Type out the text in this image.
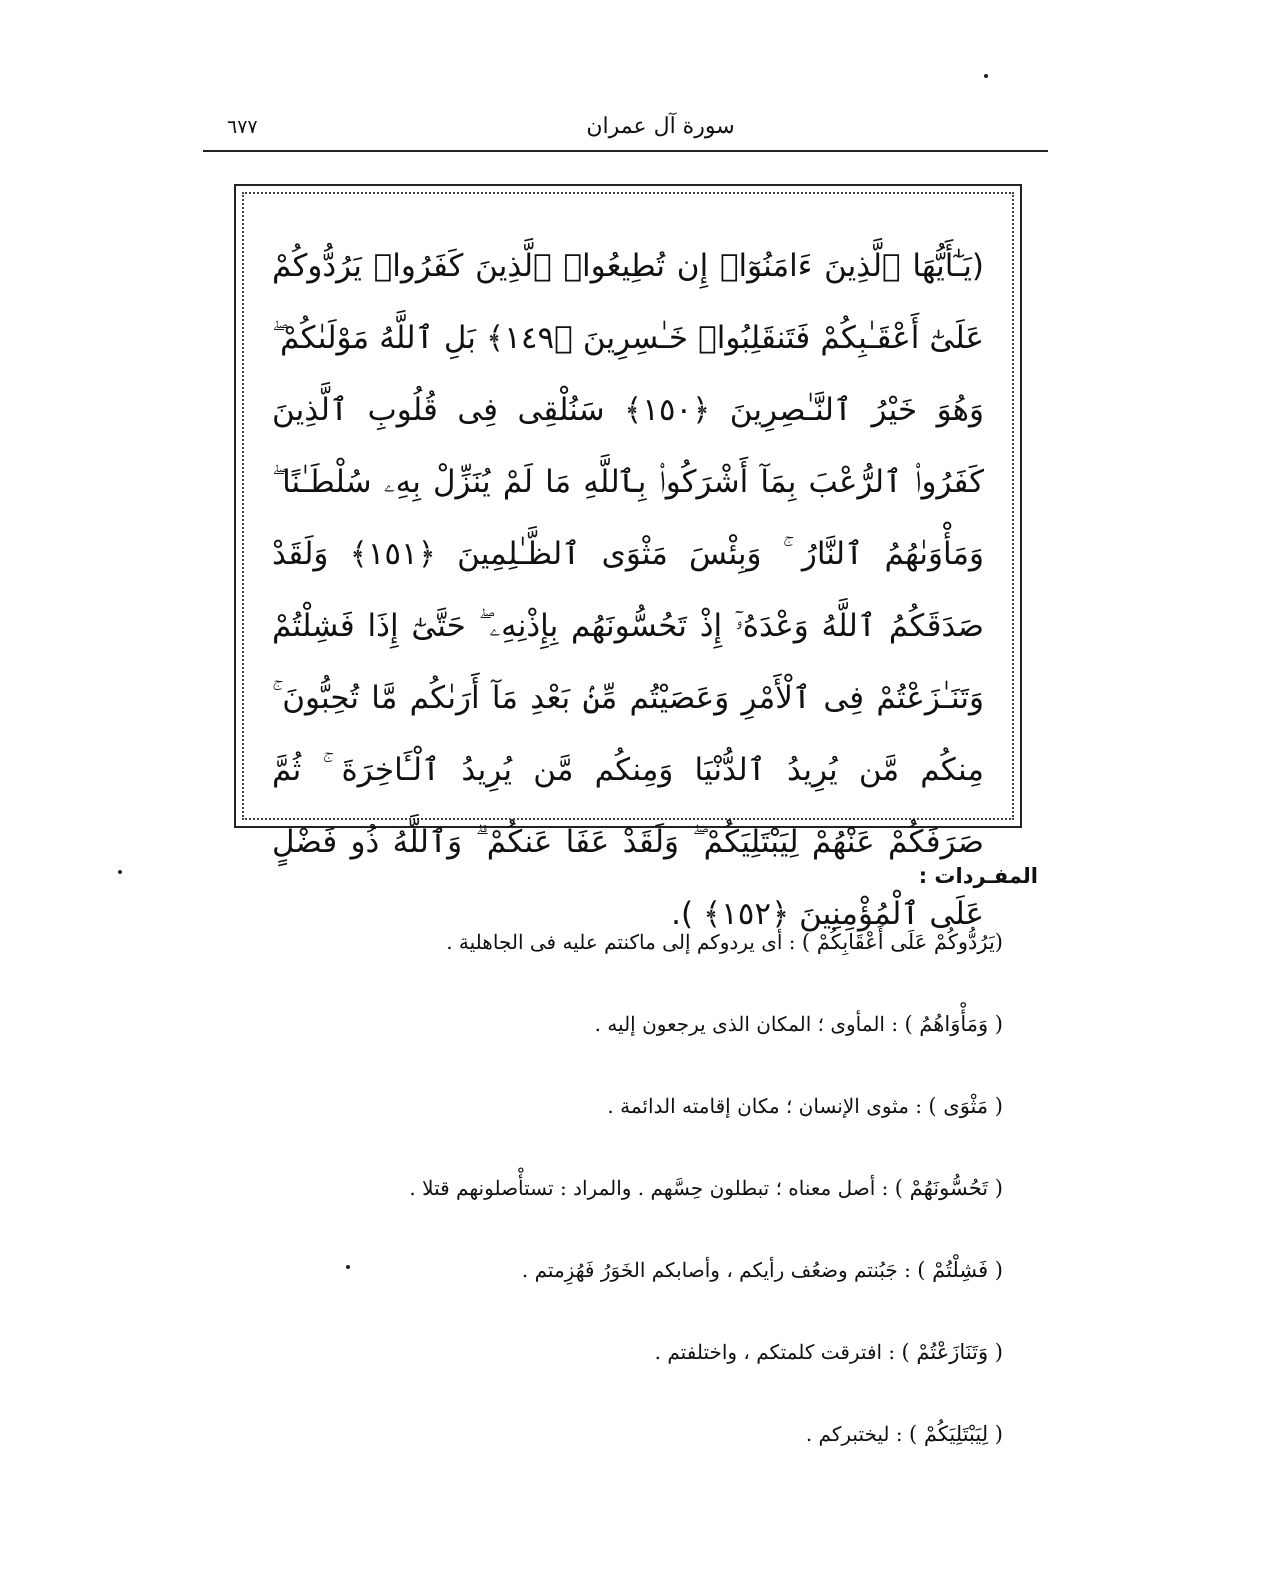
سورة آل عمران
٦٧٧
(يَـٰٓأَيُّهَا ٱلَّذِينَ ءَامَنُوٓا۟ إِن تُطِيعُوا۟ ٱلَّذِينَ كَفَرُوا۟ يَرُدُّوكُمْ عَلَىٰٓ أَعْقَـٰبِكُمْ فَتَنقَلِبُوا۟ خَـٰسِرِينَ ﴿١٤٩﴾ بَلِ ٱللَّهُ مَوْلَىٰكُمْ ۖ وَهُوَ خَيْرُ ٱلنَّـٰصِرِينَ ﴿١٥٠﴾ سَنُلْقِى فِى قُلُوبِ ٱلَّذِينَ كَفَرُوا۟ ٱلرُّعْبَ بِمَآ أَشْرَكُوا۟ بِٱللَّهِ مَا لَمْ يُنَزِّلْ بِهِۦ سُلْطَـٰنًا ۖ وَمَأْوَىٰهُمُ ٱلنَّارُ ۚ وَبِئْسَ مَثْوَى ٱلظَّـٰلِمِينَ ﴿١٥١﴾ وَلَقَدْ صَدَقَكُمُ ٱللَّهُ وَعْدَهُۥٓ إِذْ تَحُسُّونَهُم بِإِذْنِهِۦ ۖ حَتَّىٰٓ إِذَا فَشِلْتُمْ وَتَنَـٰزَعْتُمْ فِى ٱلْأَمْرِ وَعَصَيْتُم مِّنۢ بَعْدِ مَآ أَرَىٰكُم مَّا تُحِبُّونَ ۚ مِنكُم مَّن يُرِيدُ ٱلدُّنْيَا وَمِنكُم مَّن يُرِيدُ ٱلْـَٔاخِرَةَ ۚ ثُمَّ صَرَفَكُمْ عَنْهُمْ لِيَبْتَلِيَكُمْ ۖ وَلَقَدْ عَفَا عَنكُمْ ۗ وَٱللَّهُ ذُو فَضْلٍ عَلَى ٱلْمُؤْمِنِينَ ﴿١٥٢﴾ ).
المفـردات :
(يَرُدُّوكُمْ عَلَى أَعْقَابِكُمْ ) : أى يردوكم إلى ماكنتم عليه فى الجاهلية .
( وَمَأْوَاهُمُ ) : المأوى ؛ المكان الذى يرجعون إليه .
( مَثْوَى ) : مثوى الإنسان ؛ مكان إقامته الدائمة .
( تَحُسُّونَهُمْ ) : أصل معناه ؛ تبطلون حِسَّهم . والمراد : تستأْصلونهم قتلا .
( فَشِلْتُمْ ) : جَبُنتم وضعُف رأيكم ، وأصابكم الخَوَرُ فَهُزِمتم .
( وَتَنَازَعْتُمْ ) : افترقت كلمتكم ، واختلفتم .
( لِيَبْتَلِيَكُمْ ) : ليختبركم .
